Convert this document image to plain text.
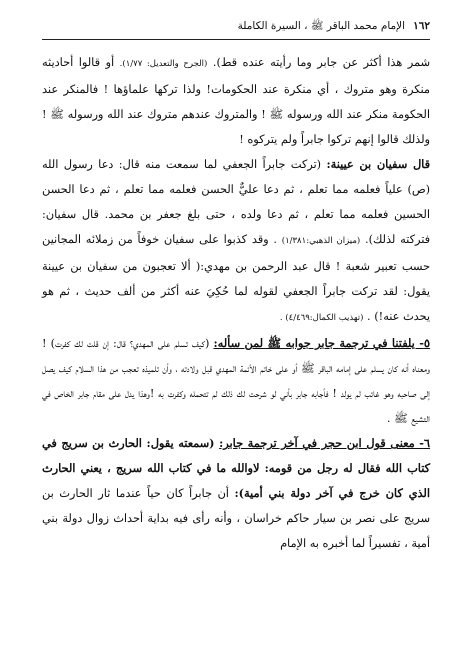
١٦٢
الإمام محمد الباقر ﷺ ، السيرة الكاملة

شمر هذا أكثر عن جابر وما رأيته عنده قط). (الجرح والتعديل: ١/٧٧). أو قالوا أحاديثه منكرة وهو متروك ، أي منكرة عند الحكومات! ولذا تركها علماؤها ! فالمنكر عند الحكومة منكر عند الله ورسوله ﷺ ! والمتروك عندهم متروك عند الله ورسوله ﷺ ! ولذلك قالوا إنهم تركوا جابراً ولم يتركوه !

قال سفيان بن عيينة: (تركت جابراً الجعفي لما سمعت منه قال: دعا رسول الله (ص) علياً فعلمه مما تعلم ، ثم دعا عليٌّ الحسن فعلمه مما تعلم ، ثم دعا الحسن الحسين فعلمه مما تعلم ، ثم دعا ولده ، حتى بلغ جعفر بن محمد. قال سفيان: فتركته لذلك). (ميزان الذهبي:١/٣٨١) . وقد كذبوا على سفيان خوفاً من زملائه المجانين حسب تعبير شعبة ! قال عبد الرحمن بن مهدي:( ألا تعجبون من سفيان بن عيينة يقول: لقد تركت جابراً الجعفي لقوله لما حُكِيَ عنه أكثر من ألف حديث ، ثم هو يحدث عنه!) . (تهذيب الكمال:٤/٤٦٩) .

٥- يلفتنا في ترجمة جابر جوابه ﷺ لمن سأله: (كيف تسلم على المهدي؟ قال: إن قلت لك كفرت) ! ومعناه أنه كان يسلم على إمامه الباقر ﷺ أو على خاتم الأئمة المهدي قبل ولادته ، وأن تلميذه تعجب من هذا السلام كيف يصل إلى صاحبه وهو غائب لم يولد ! فأجابه جابر بأني لو شرحت لك ذلك لم تتحمله وكفرت به !وهذا يدل على مقام جابر الخاص في التشيع ﷺ .

٦- معنى قول ابن حجر في آخر ترجمة جابر: (سمعته يقول: الحارث بن سريج في كتاب الله فقال له رجل من قومه: لاوالله ما في كتاب الله سريج ، يعني الحارث الذي كان خرج في آخر دولة بني أمية): أن جابراً كان حياً عندما ثار الحارث بن سريج على نصر بن سيار حاكم خراسان ، وأنه رأى فيه بداية أحداث زوال دولة بني أمية ، تفسيراً لما أخبره به الإمام
